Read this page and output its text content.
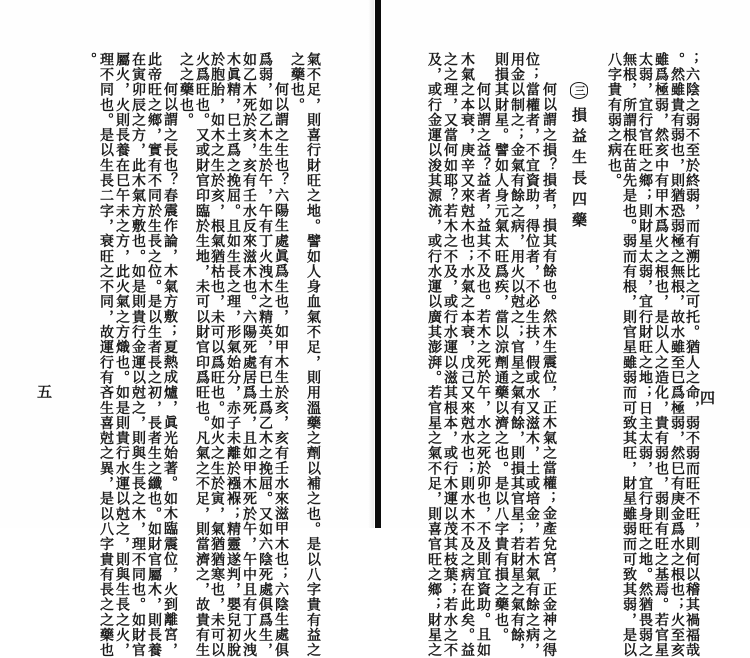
氣不足，則喜行財旺之地。譬如人身血氣不足，則用溫藥之劑以補之也。是以八字貴有益之
之藥也。
何以謂之生也？六陽生處眞爲生也，如甲木生於亥，亥有壬水來滋甲木也；六陰生處俱
爲弱，如乙木生於午，午有丁火洩木之精英，有巳土爲乙木之挽屈。又如六陰死處俱爲生，
如乙木死於亥，亥有壬水反來滋木也。六陽死處居爲死，且如甲木死於午，午中且有丁火洩
木眞精，巳土爲之挽屈。且如生長之理，形氣始分，赤子未離於襁褓；精靈遂判，嬰兒初脫
於胞胎，如木之生於亥，根氣猶枯也，未可以爲旺也。如火之生於寅，氣猶猶寒也，未可以
火爲旺也。又或財官印臨於生地，未可以財官印爲旺也。凡氣之不足，則當濟之，故貴有生
之之藥也。
何以謂之長也？春震作論，木氣方敷；夏熱成爐，眞光始著。如木臨震位，火到離宮，
此帝旺之鄉，實有不同於生長之位。是以生者長之初，長者生之纖也。如財官屬木，則長養
在寅卯辰之方，此木氣方敷也。如是則貴行金運以尅之，則與生長之木，理不同也。如財官
屬火，火則長養在巳午未之方，此火氣之方熾也。如是則貴行水運以尅之，則與生長之火，
理不同也。是以生長二字，衰旺之不同，故運行有吝生喜尅之異，是以八字貴有長之之藥也
。
五	；六陰之弱不至於終弱，而有溯比之可托。猶人之命，弱不弱而旺不旺，則何以稽其禍福哉
。然雖貴有弱也，則猶恐弱極之無根，故水雖至巳爲極弱，然巳有庚金爲水之根也；火至亥
雖爲極弱，然亥中有甲木爲火之根也，是以人之造化，貴有弱也，弱則有旺之基焉。若官星
太弱，宜行官旺之鄉；則財星太弱，宜行財旺之地；日主太弱，宜行身旺之地。然猶畏弱之
無根，所謂根在苗先是也。弱而有根，則官星雖弱而可致其旺，財星雖弱而可致其弱，是以
八字貴有弱之病也。
三損益生長四藥
何以謂之損？損者，損其有餘也。然木生震位，正木氣之當權；金產兌宮，正金神之得
位；當權者，不宜資助，得位者，不必生扶，假或水又滋木，土或培金，若木氣有餘之病，
用金以制之；金氣有餘之病，用火以尅之；官星之氣有餘，則損其官星；若財星之氣有餘，
則損其財星。譬如人身元氣太旺爲疾，當以涼劑通藥以濟之也。是以八字貴有損之藥也。
何以謂之益？益者，益其不及也。若木之死於午，水之死於卯也，不及則宜資助。且如
木氣之本衰，庚辛又來尅木也；水氣之本衰，戊己又來尅水也；則水木不及之病在此矣。益
之之理，又當何如耶？若木之不及，或行水運以滋其根本，或行木運以茂其枝葉；若水之不
及，或行金運以浚其源流，或行水運以廣其澎湃。若官星之氣不足，則喜官旺之鄉；財星之	四
